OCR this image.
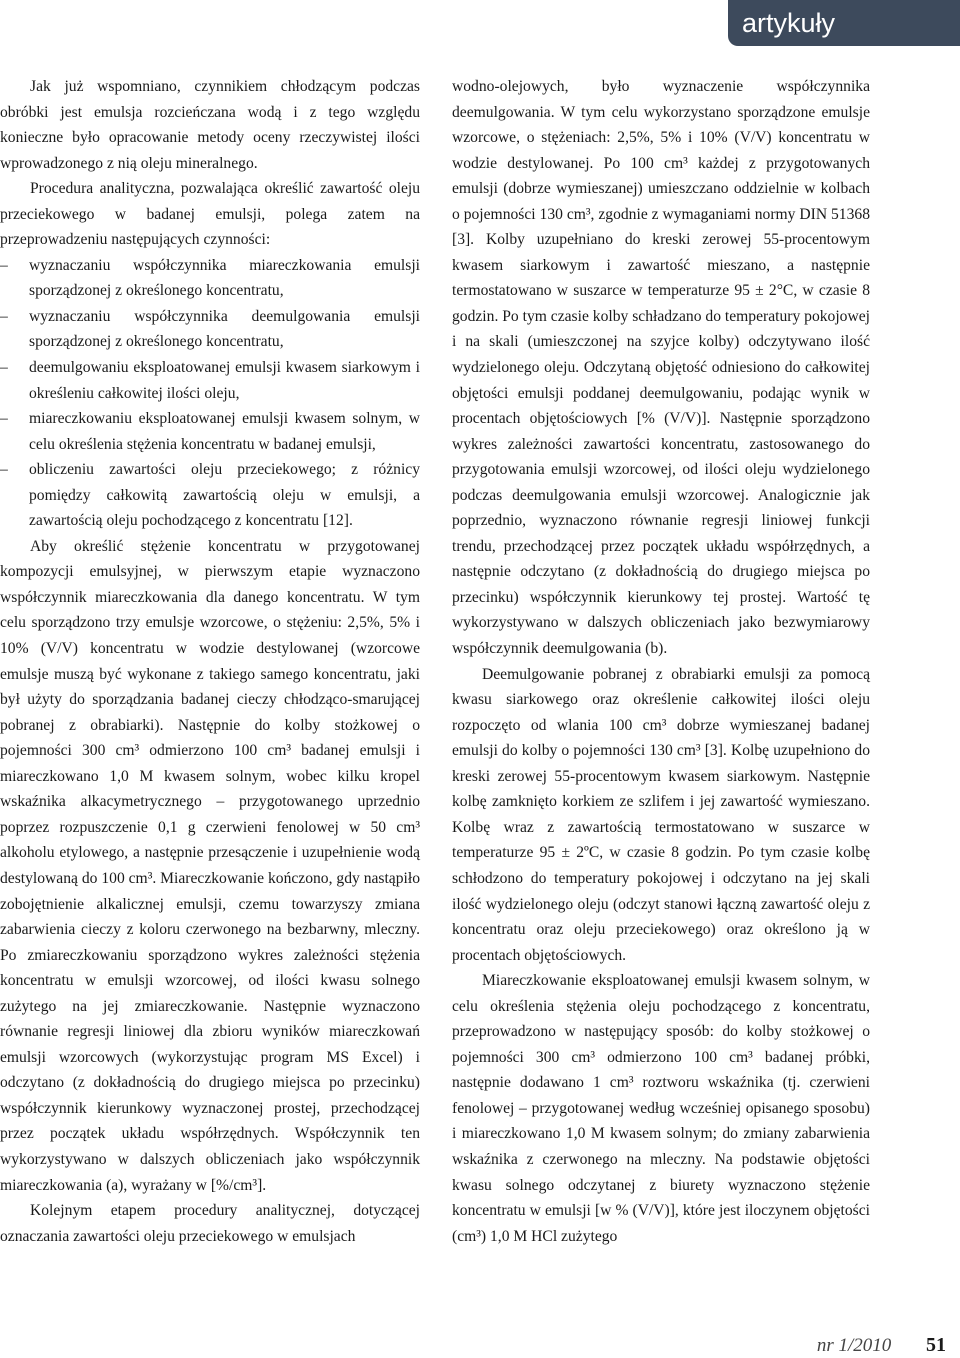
artykuły

Jak już wspomniano, czynnikiem chłodzącym podczas obróbki jest emulsja rozcieńczana wodą i z tego względu konieczne było opracowanie metody oceny rzeczywistej ilości wprowadzonego z nią oleju mineralnego.

Procedura analityczna, pozwalająca określić zawartość oleju przeciekowego w badanej emulsji, polega zatem na przeprowadzeniu następujących czynności:

– wyznaczaniu współczynnika miareczkowania emulsji sporządzonej z określonego koncentratu,
– wyznaczaniu współczynnika deemulgowania emulsji sporządzonej z określonego koncentratu,
– deemulgowaniu eksploatowanej emulsji kwasem siarkowym i określeniu całkowitej ilości oleju,
– miareczkowaniu eksploatowanej emulsji kwasem solnym, w celu określenia stężenia koncentratu w badanej emulsji,
– obliczeniu zawartości oleju przeciekowego; z różnicy pomiędzy całkowitą zawartością oleju w emulsji, a zawartością oleju pochodzącego z koncentratu [12].

Aby określić stężenie koncentratu w przygotowanej kompozycji emulsyjnej, w pierwszym etapie wyznaczono współczynnik miareczkowania dla danego koncentratu. W tym celu sporządzono trzy emulsje wzorcowe, o stężeniu: 2,5%, 5% i 10% (V/V) koncentratu w wodzie destylowanej (wzorcowe emulsje muszą być wykonane z takiego samego koncentratu, jaki był użyty do sporządzania badanej cieczy chłodząco-smarującej pobranej z obrabiarki). Następnie do kolby stożkowej o pojemności 300 cm³ odmierzono 100 cm³ badanej emulsji i miareczkowano 1,0 M kwasem solnym, wobec kilku kropel wskaźnika alkacymetrycznego – przygotowanego uprzednio poprzez rozpuszczenie 0,1 g czerwieni fenolowej w 50 cm³ alkoholu etylowego, a następnie przesączenie i uzupełnienie wodą destylowaną do 100 cm³. Miareczkowanie kończono, gdy nastąpiło zobojętnienie alkalicznej emulsji, czemu towarzyszy zmiana zabarwienia cieczy z koloru czerwonego na bezbarwny, mleczny. Po zmiareczkowaniu sporządzono wykres zależności stężenia koncentratu w emulsji wzorcowej, od ilości kwasu solnego zużytego na jej zmiareczkowanie. Następnie wyznaczono równanie regresji liniowej dla zbioru wyników miareczkowań emulsji wzorcowych (wykorzystując program MS Excel) i odczytano (z dokładnością do drugiego miejsca po przecinku) współczynnik kierunkowy wyznaczonej prostej, przechodzącej przez początek układu współrzędnych. Współczynnik ten wykorzystywano w dalszych obliczeniach jako współczynnik miareczkowania (a), wyrażany w [%/cm³].

Kolejnym etapem procedury analitycznej, dotyczącej oznaczania zawartości oleju przeciekowego w emulsjach

wodno-olejowych, było wyznaczenie współczynnika deemulgowania. W tym celu wykorzystano sporządzone emulsje wzorcowe, o stężeniach: 2,5%, 5% i 10% (V/V) koncentratu w wodzie destylowanej. Po 100 cm³ każdej z przygotowanych emulsji (dobrze wymieszanej) umieszczano oddzielnie w kolbach o pojemności 130 cm³, zgodnie z wymaganiami normy DIN 51368 [3]. Kolby uzupełniano do kreski zerowej 55-procentowym kwasem siarkowym i zawartość mieszano, a następnie termostatowano w suszarce w temperaturze 95 ± 2°C, w czasie 8 godzin. Po tym czasie kolby schładzano do temperatury pokojowej i na skali (umieszczonej na szyjce kolby) odczytywano ilość wydzielonego oleju. Odczytaną objętość odniesiono do całkowitej objętości emulsji poddanej deemulgowaniu, podając wynik w procentach objętościowych [% (V/V)]. Następnie sporządzono wykres zależności zawartości koncentratu, zastosowanego do przygotowania emulsji wzorcowej, od ilości oleju wydzielonego podczas deemulgowania emulsji wzorcowej. Analogicznie jak poprzednio, wyznaczono równanie regresji liniowej funkcji trendu, przechodzącej przez początek układu współrzędnych, a następnie odczytano (z dokładnością do drugiego miejsca po przecinku) współczynnik kierunkowy tej prostej. Wartość tę wykorzystywano w dalszych obliczeniach jako bezwymiarowy współczynnik deemulgowania (b).

Deemulgowanie pobranej z obrabiarki emulsji za pomocą kwasu siarkowego oraz określenie całkowitej ilości oleju rozpoczęto od wlania 100 cm³ dobrze wymieszanej badanej emulsji do kolby o pojemności 130 cm³ [3]. Kolbę uzupełniono do kreski zerowej 55-procentowym kwasem siarkowym. Następnie kolbę zamknięto korkiem ze szlifem i jej zawartość wymieszano. Kolbę wraz z zawartością termostatowano w suszarce w temperaturze 95 ± 2ºC, w czasie 8 godzin. Po tym czasie kolbę schłodzono do temperatury pokojowej i odczytano na jej skali ilość wydzielonego oleju (odczyt stanowi łączną zawartość oleju z koncentratu oraz oleju przeciekowego) oraz określono ją w procentach objętościowych.

Miareczkowanie eksploatowanej emulsji kwasem solnym, w celu określenia stężenia oleju pochodzącego z koncentratu, przeprowadzono w następujący sposób: do kolby stożkowej o pojemności 300 cm³ odmierzono 100 cm³ badanej próbki, następnie dodawano 1 cm³ roztworu wskaźnika (tj. czerwieni fenolowej – przygotowanej według wcześniej opisanego sposobu) i miareczkowano 1,0 M kwasem solnym; do zmiany zabarwienia wskaźnika z czerwonego na mleczny. Na podstawie objętości kwasu solnego odczytanej z biurety wyznaczono stężenie koncentratu w emulsji [w % (V/V)], które jest iloczynem objętości (cm³) 1,0 M HCl zużytego

nr 1/2010 51
